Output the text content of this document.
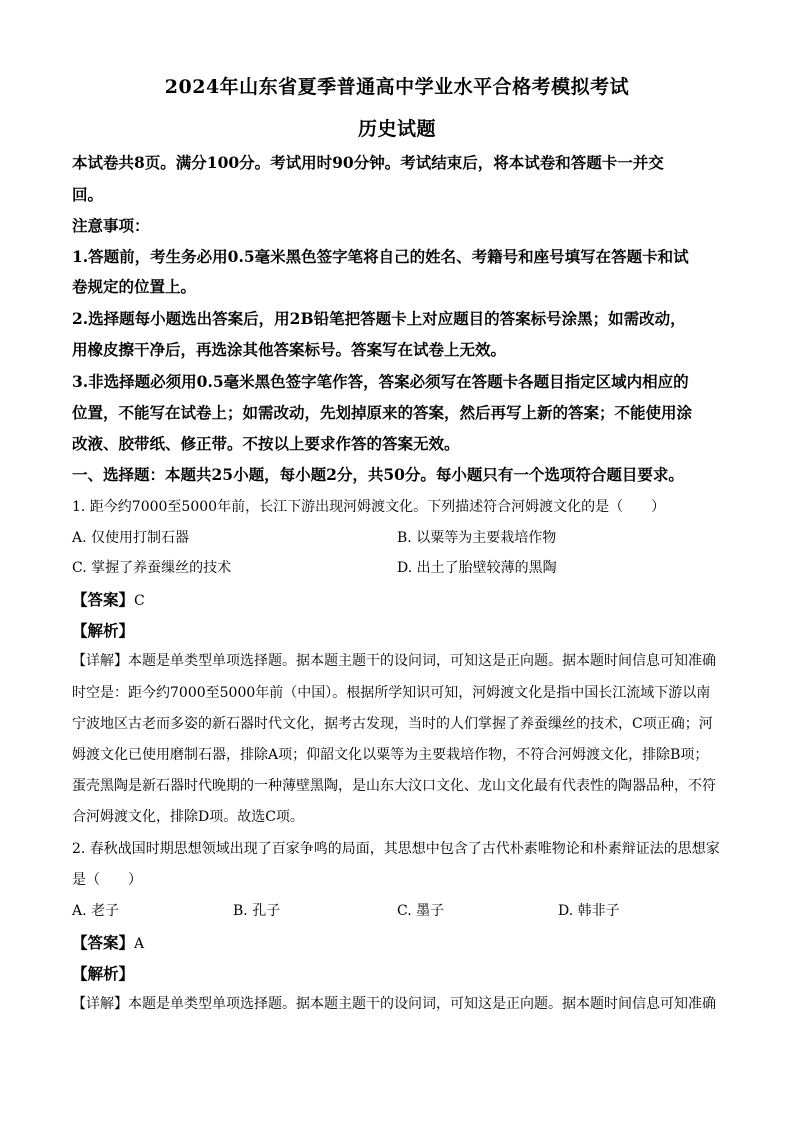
2024年山东省夏季普通高中学业水平合格考模拟考试
历史试题
本试卷共8页。满分100分。考试用时90分钟。考试结束后，将本试卷和答题卡一并交
回。
注意事项：
1.答题前，考生务必用0.5毫米黑色签字笔将自己的姓名、考籍号和座号填写在答题卡和试
卷规定的位置上。
2.选择题每小题选出答案后，用2B铅笔把答题卡上对应题目的答案标号涂黑；如需改动，
用橡皮擦干净后，再选涂其他答案标号。答案写在试卷上无效。
3.非选择题必须用0.5毫米黑色签字笔作答，答案必须写在答题卡各题目指定区域内相应的
位置，不能写在试卷上；如需改动，先划掉原来的答案，然后再写上新的答案；不能使用涂
改液、胶带纸、修正带。不按以上要求作答的答案无效。
一、选择题：本题共25小题，每小题2分，共50分。每小题只有一个选项符合题目要求。
1. 距今约7000至5000年前，长江下游出现河姆渡文化。下列描述符合河姆渡文化的是（　　）
A. 仅使用打制石器	B. 以粟等为主要栽培作物
C. 掌握了养蚕缫丝的技术	D. 出土了胎壁较薄的黑陶
【答案】C
【解析】
【详解】本题是单类型单项选择题。据本题主题干的设问词，可知这是正向题。据本题时间信息可知准确
时空是：距今约7000至5000年前（中国）。根据所学知识可知，河姆渡文化是指中国长江流域下游以南
宁波地区古老而多姿的新石器时代文化，据考古发现，当时的人们掌握了养蚕缫丝的技术，C项正确；河
姆渡文化已使用磨制石器，排除A项；仰韶文化以粟等为主要栽培作物，不符合河姆渡文化，排除B项；
蛋壳黑陶是新石器时代晚期的一种薄壁黑陶，是山东大汶口文化、龙山文化最有代表性的陶器品种，不符
合河姆渡文化，排除D项。故选C项。
2. 春秋战国时期思想领域出现了百家争鸣的局面，其思想中包含了古代朴素唯物论和朴素辩证法的思想家
是（　　）
A. 老子	B. 孔子	C. 墨子	D. 韩非子
【答案】A
【解析】
【详解】本题是单类型单项选择题。据本题主题干的设问词，可知这是正向题。据本题时间信息可知准确
